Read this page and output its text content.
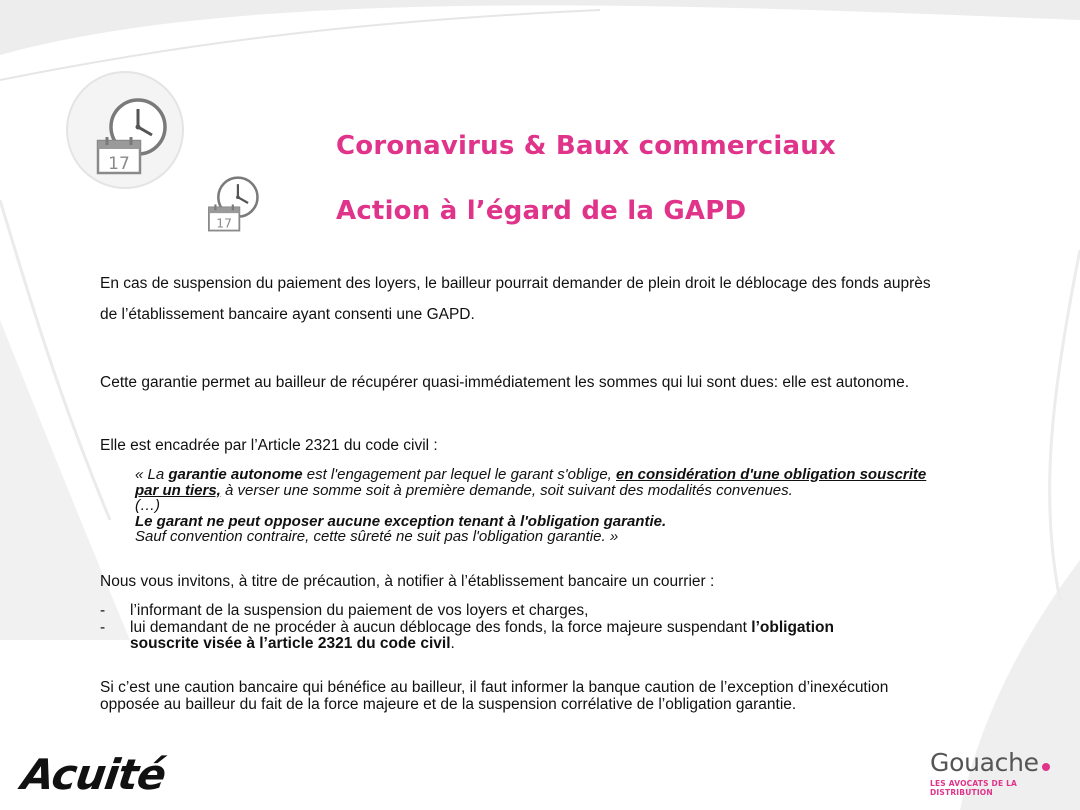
17
17
Coronavirus & Baux commerciaux
Action à l’égard de la GAPD

En cas de suspension du paiement des loyers, le bailleur pourrait demander de plein droit le déblocage des fonds auprès de l’établissement bancaire ayant consenti une GAPD.

Cette garantie permet au bailleur de récupérer quasi-immédiatement les sommes qui lui sont dues: elle est autonome.

Elle est encadrée par l’Article 2321 du code civil :

« La garantie autonome est l'engagement par lequel le garant s'oblige, en considération d'une obligation souscrite par un tiers, à verser une somme soit à première demande, soit suivant des modalités convenues.
(…)
Le garant ne peut opposer aucune exception tenant à l'obligation garantie.
Sauf convention contraire, cette sûreté ne suit pas l'obligation garantie. »

Nous vous invitons, à titre de précaution, à notifier à l’établissement bancaire un courrier :

- l’informant de la suspension du paiement de vos loyers et charges,
- lui demandant de ne procéder à aucun déblocage des fonds, la force majeure suspendant l’obligation souscrite visée à l’article 2321 du code civil.

Si c’est une caution bancaire qui bénéfice au bailleur, il faut informer la banque caution de l’exception d’inexécution opposée au bailleur du fait de la force majeure et de la suspension corrélative de l’obligation garantie.

Acuité	Gouache
LES AVOCATS DE LA DISTRIBUTION
